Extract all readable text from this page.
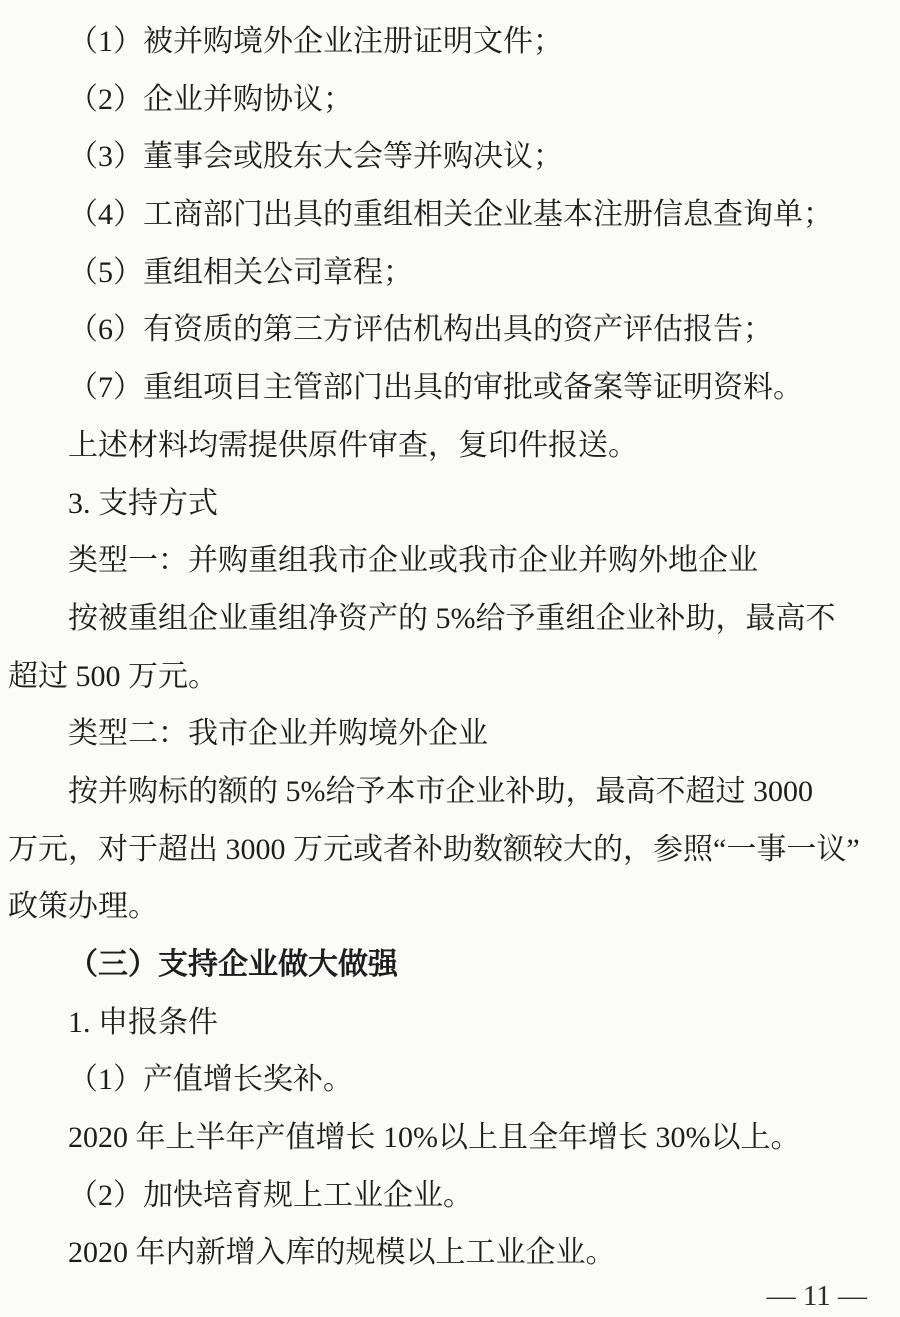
（1）被并购境外企业注册证明文件；
（2）企业并购协议；
（3）董事会或股东大会等并购决议；
（4）工商部门出具的重组相关企业基本注册信息查询单；
（5）重组相关公司章程；
（6）有资质的第三方评估机构出具的资产评估报告；
（7）重组项目主管部门出具的审批或备案等证明资料。
上述材料均需提供原件审查，复印件报送。
3. 支持方式
类型一：并购重组我市企业或我市企业并购外地企业
按被重组企业重组净资产的 5%给予重组企业补助，最高不
超过 500 万元。
类型二：我市企业并购境外企业
按并购标的额的 5%给予本市企业补助，最高不超过 3000
万元，对于超出 3000 万元或者补助数额较大的，参照“一事一议”
政策办理。
（三）支持企业做大做强
1. 申报条件
（1）产值增长奖补。
2020 年上半年产值增长 10%以上且全年增长 30%以上。
（2）加快培育规上工业企业。
2020 年内新增入库的规模以上工业企业。
— 11 —
